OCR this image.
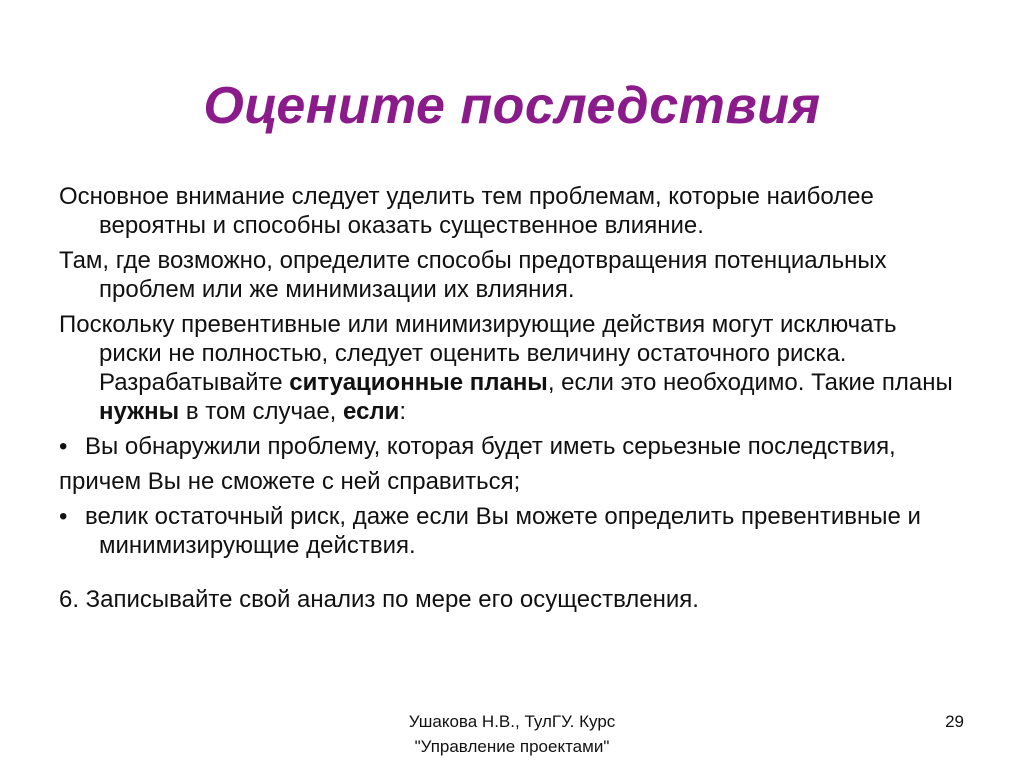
Оцените последствия

Основное внимание следует уделить тем проблемам, которые наиболее вероятны и способны оказать существенное влияние.

Там, где возможно, определите способы предотвращения потенциальных проблем или же минимизации их влияния.

Поскольку превентивные или минимизирующие действия могут исключать риски не полностью, следует оценить величину остаточного риска. Разрабатывайте ситуационные планы, если это необходимо. Такие планы нужны в том случае, если:

• Вы обнаружили проблему, которая будет иметь серьезные последствия,

причем Вы не сможете с ней справиться;

• велик остаточный риск, даже если Вы можете определить превентивные и минимизирующие действия.

6. Записывайте свой анализ по мере его осуществления.

Ушакова Н.В., ТулГУ. Курс
"Управление проектами"
29
